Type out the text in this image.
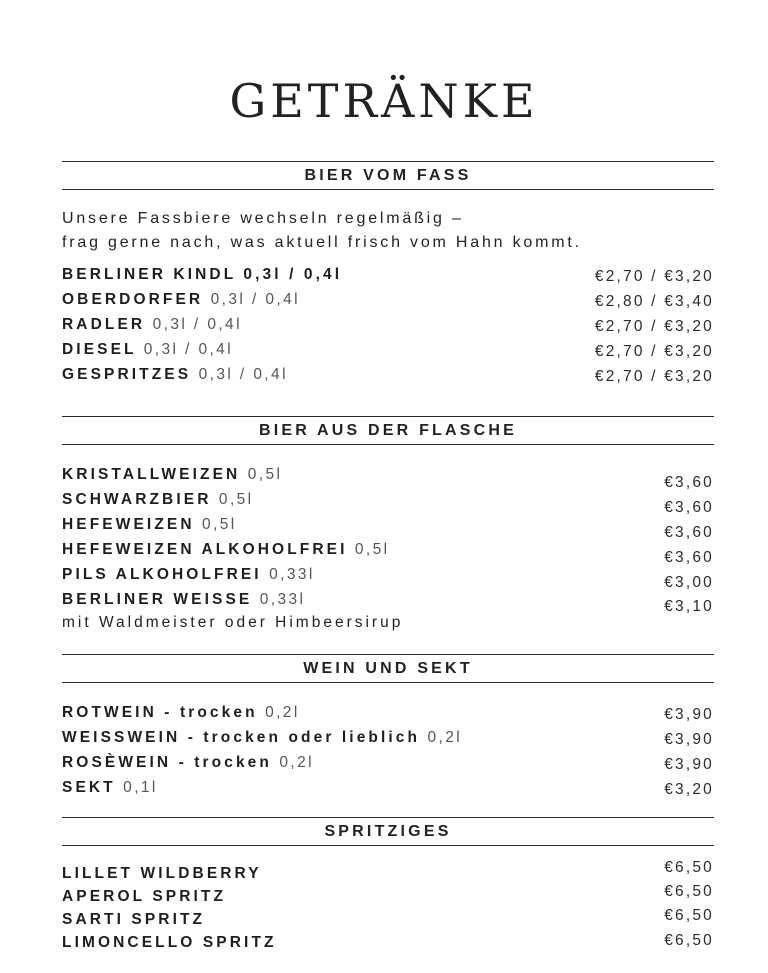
GETRÄNKE
BIER VOM FASS
Unsere Fassbiere wechseln regelmäßig –
frag gerne nach, was aktuell frisch vom Hahn kommt.
BERLINER KINDL 0,3l / 0,4l	€2,70 / €3,20
OBERDORFER 0,3l / 0,4l	€2,80 / €3,40
RADLER 0,3l / 0,4l	€2,70 / €3,20
DIESEL 0,3l / 0,4l	€2,70 / €3,20
GESPRITZES 0,3l / 0,4l	€2,70 / €3,20
BIER AUS DER FLASCHE
KRISTALLWEIZEN 0,5l	€3,60
SCHWARZBIER 0,5l	€3,60
HEFEWEIZEN 0,5l	€3,60
HEFEWEIZEN ALKOHOLFREI 0,5l	€3,60
PILS ALKOHOLFREI 0,33l	€3,00
BERLINER WEISSE 0,33l	€3,10
mit Waldmeister oder Himbeersirup
WEIN UND SEKT
ROTWEIN - trocken 0,2l	€3,90
WEISSWEIN - trocken oder lieblich 0,2l	€3,90
ROSÈWEIN - trocken 0,2l	€3,90
SEKT 0,1l	€3,20
SPRITZIGES
LILLET WILDBERRY	€6,50
APEROL SPRITZ	€6,50
SARTI SPRITZ	€6,50
LIMONCELLO SPRITZ	€6,50
